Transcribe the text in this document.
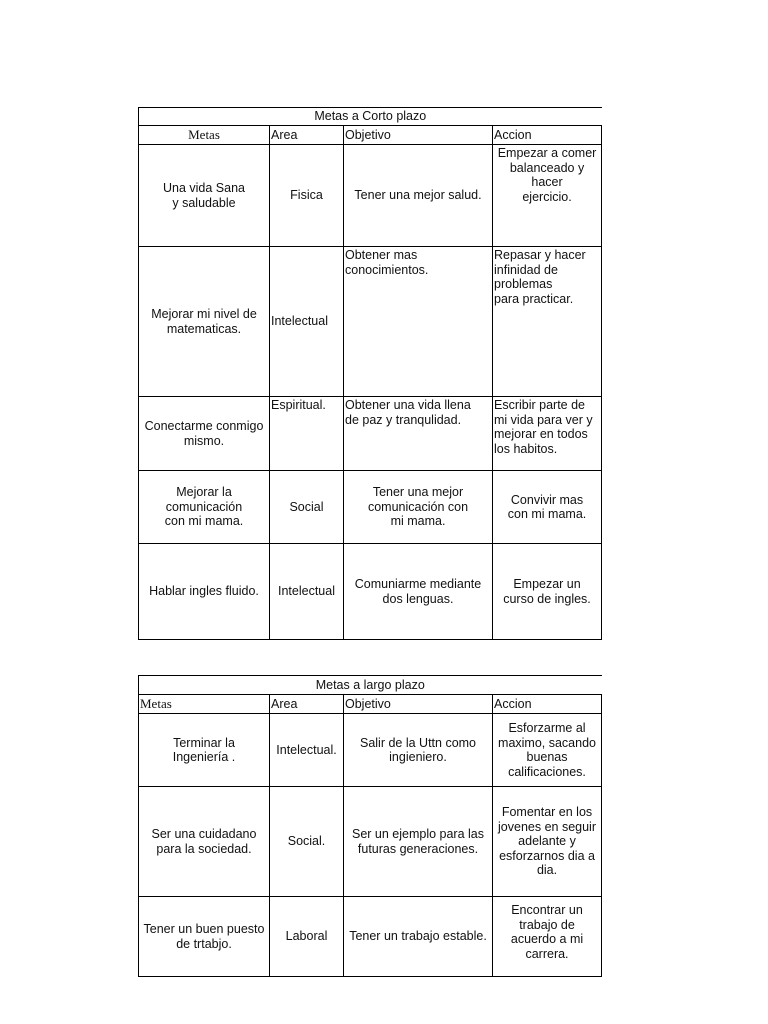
Metas a Corto plazo			
Metas	Area	Objetivo	Accion

Una vida Sana
y saludable	Fisica	Tener una mejor salud.	Empezar a comer
balanceado y
hacer
ejercicio.

Mejorar mi nivel de
matematicas.	Intelectual	Obtener mas
conocimientos.	Repasar y hacer
infinidad de
problemas
para practicar.

Conectarme conmigo
mismo.	Espiritual.	Obtener una vida llena
de paz y tranqulidad.	Escribir parte de
mi vida para ver y
mejorar en todos
los habitos.

Mejorar la
comunicación
con mi mama.	Social	Tener una mejor
comunicación con
mi mama.	Convivir mas
con mi mama.

Hablar ingles fluido.	Intelectual	Comuniarme mediante
dos lenguas.	Empezar un
curso de ingles.
Metas a largo plazo			
Metas	Area	Objetivo	Accion

Terminar la
Ingeniería .	Intelectual.	Salir de la Uttn como
ingieniero.	Esforzarme al
maximo, sacando
buenas
calificaciones.

Ser una cuidadano
para la sociedad.	Social.	Ser un ejemplo para las
futuras generaciones.	Fomentar en los
jovenes en seguir
adelante y
esforzarnos dia a
dia.

Tener un buen puesto
de trtabjo.	Laboral	Tener un trabajo estable.	Encontrar un
trabajo de
acuerdo a mi
carrera.
